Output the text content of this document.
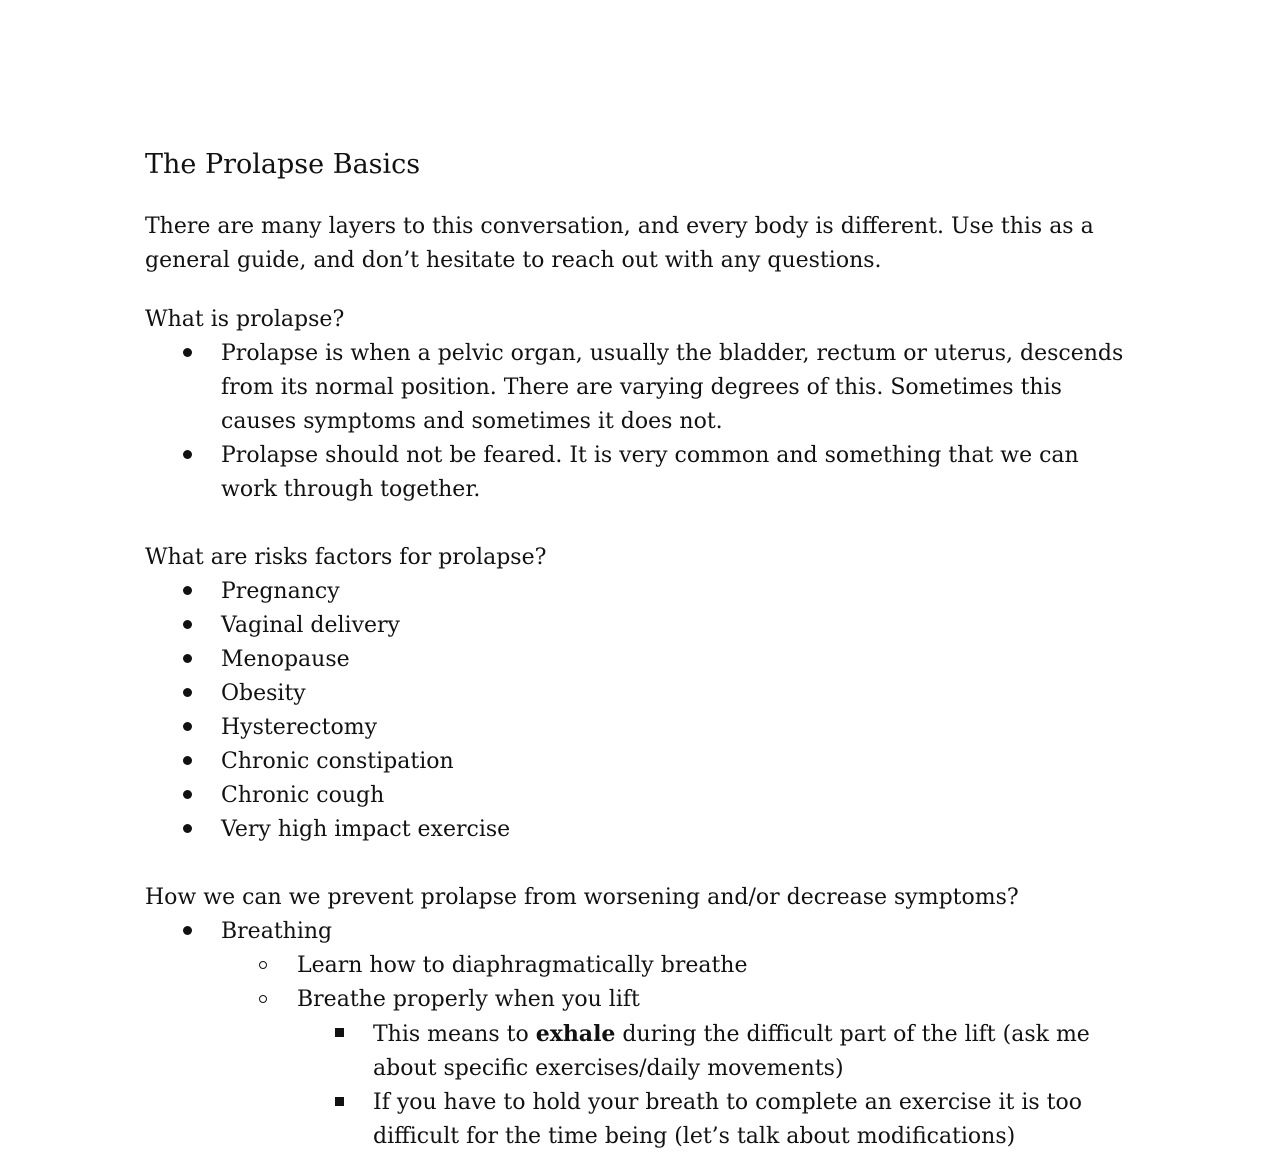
The Prolapse Basics

There are many layers to this conversation, and every body is different. Use this as a general guide, and don’t hesitate to reach out with any questions.

What is prolapse?

Prolapse is when a pelvic organ, usually the bladder, rectum or uterus, descends from its normal position. There are varying degrees of this. Sometimes this causes symptoms and sometimes it does not.
Prolapse should not be feared. It is very common and something that we can work through together.

What are risks factors for prolapse?

Pregnancy
Vaginal delivery
Menopause
Obesity
Hysterectomy
Chronic constipation
Chronic cough
Very high impact exercise

How we can we prevent prolapse from worsening and/or decrease symptoms?

Breathing
Learn how to diaphragmatically breathe
Breathe properly when you lift
This means to exhale during the difficult part of the lift (ask me about specific exercises/daily movements)
If you have to hold your breath to complete an exercise it is too difficult for the time being (let’s talk about modifications)
